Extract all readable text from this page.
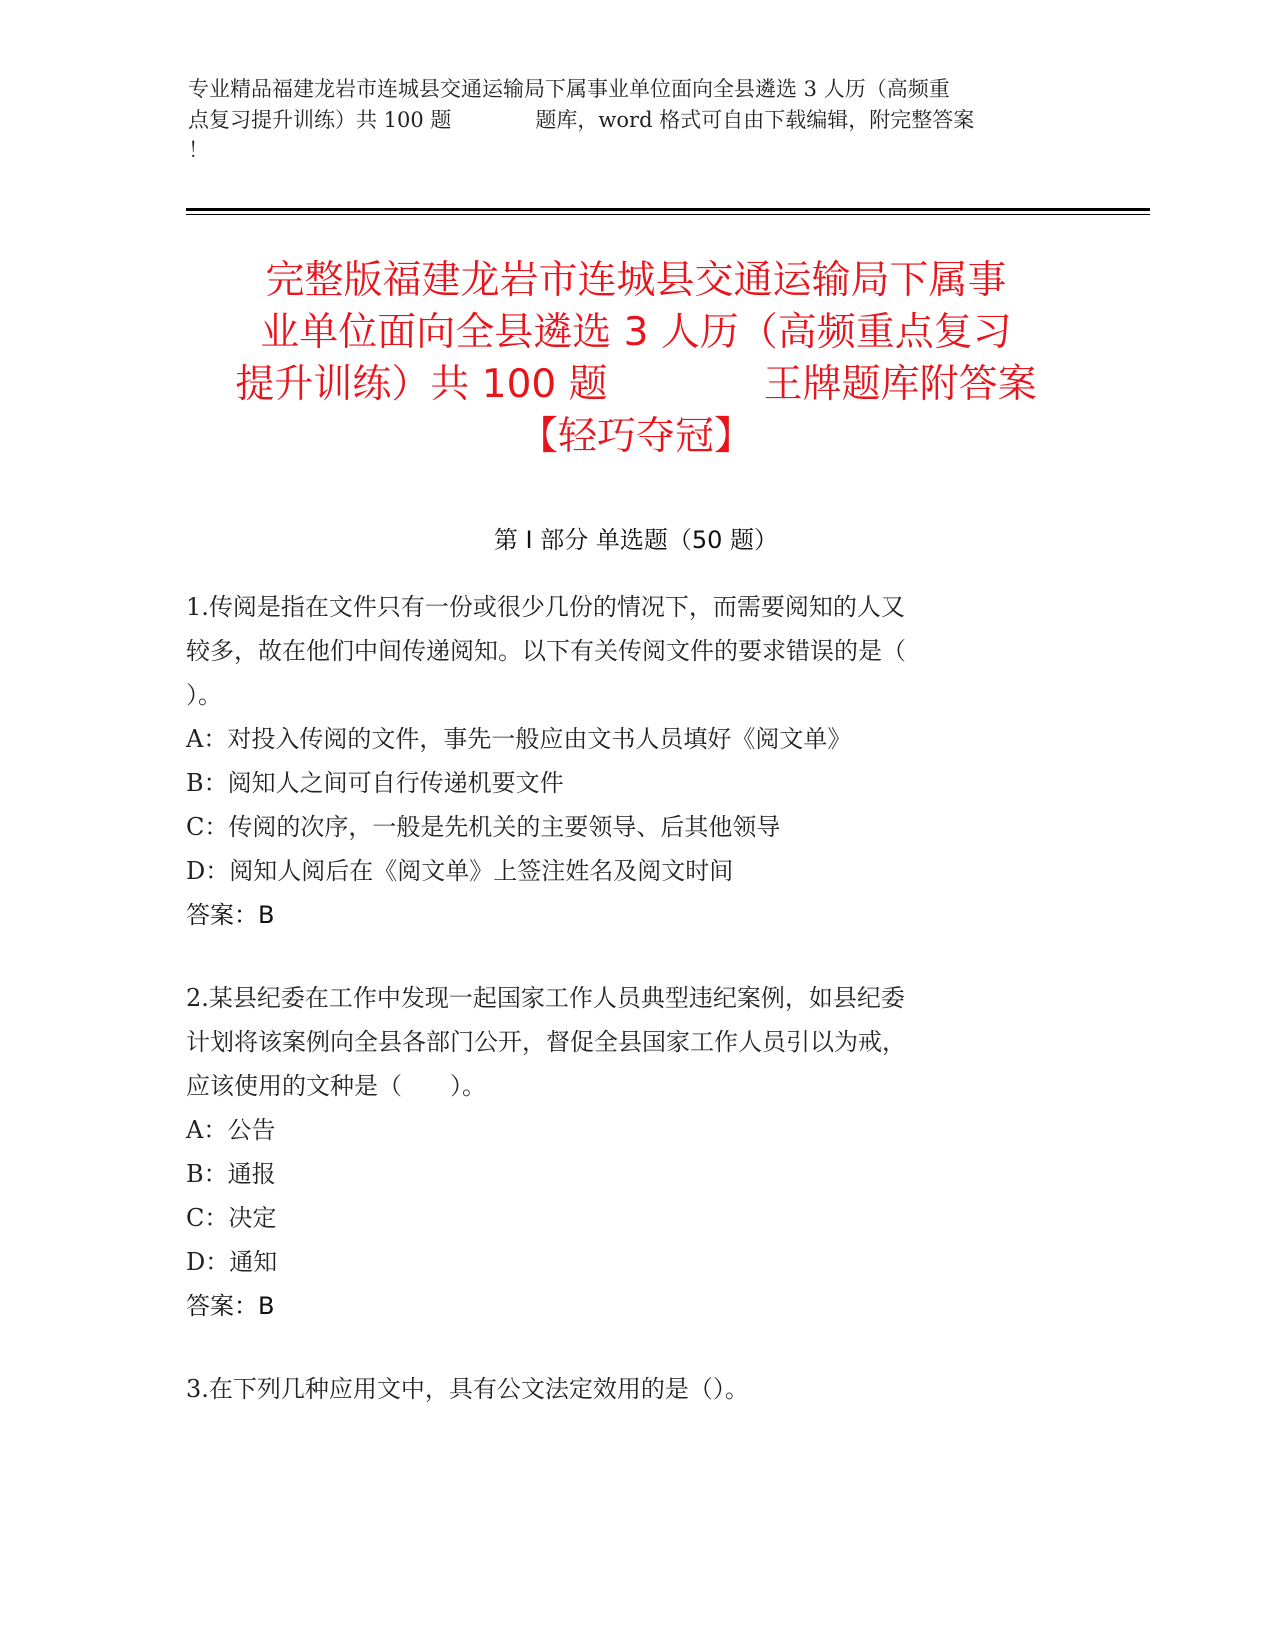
专业精品福建龙岩市连城县交通运输局下属事业单位面向全县遴选 3 人历（高频重
点复习提升训练）共 100 题　　　　题库，word 格式可自由下载编辑，附完整答案
！
完整版福建龙岩市连城县交通运输局下属事
业单位面向全县遴选 3 人历（高频重点复习
提升训练）共 100 题　　　　王牌题库附答案
【轻巧夺冠】
第 I 部分 单选题（50 题）
1.传阅是指在文件只有一份或很少几份的情况下，而需要阅知的人又
较多，故在他们中间传递阅知。以下有关传阅文件的要求错误的是（
）。
A：对投入传阅的文件，事先一般应由文书人员填好《阅文单》
B：阅知人之间可自行传递机要文件
C：传阅的次序，一般是先机关的主要领导、后其他领导
D：阅知人阅后在《阅文单》上签注姓名及阅文时间
答案：B
2.某县纪委在工作中发现一起国家工作人员典型违纪案例，如县纪委
计划将该案例向全县各部门公开，督促全县国家工作人员引以为戒，
应该使用的文种是（　　）。
A：公告
B：通报
C：决定
D：通知
答案：B
3.在下列几种应用文中，具有公文法定效用的是（）。
